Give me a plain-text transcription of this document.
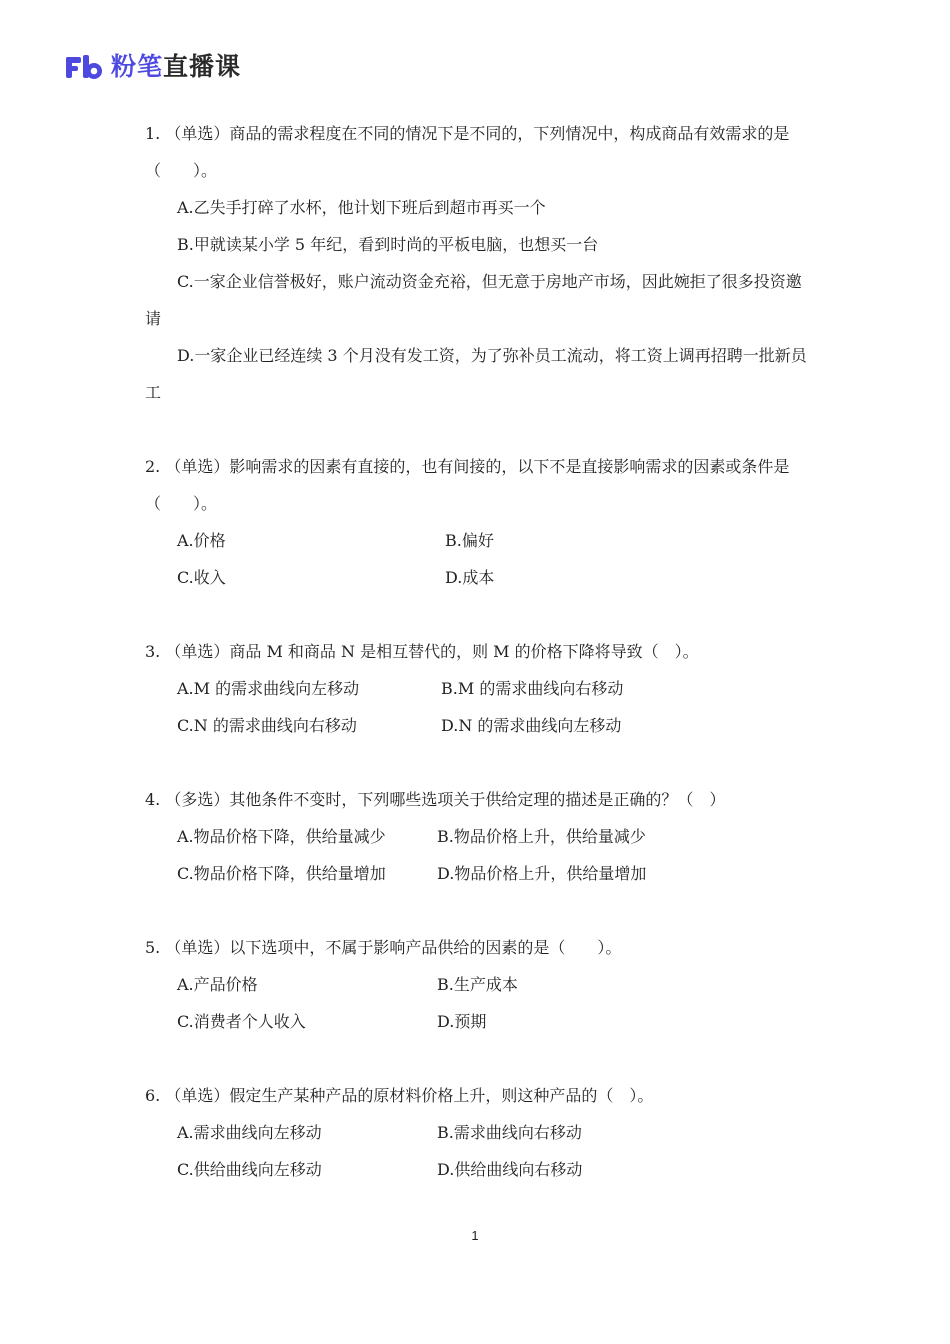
粉笔直播课

1. （单选）商品的需求程度在不同的情况下是不同的，下列情况中，构成商品有效需求的是（　　）。

A.乙失手打碎了水杯，他计划下班后到超市再买一个
B.甲就读某小学 5 年纪，看到时尚的平板电脑，也想买一台
C.一家企业信誉极好，账户流动资金充裕，但无意于房地产市场，因此婉拒了很多投资邀请
D.一家企业已经连续 3 个月没有发工资，为了弥补员工流动，将工资上调再招聘一批新员工

2. （单选）影响需求的因素有直接的，也有间接的，以下不是直接影响需求的因素或条件是（　　）。

A.价格	B.偏好
C.收入	D.成本

3. （单选）商品 M 和商品 N 是相互替代的，则 M 的价格下降将导致（　）。

A.M 的需求曲线向左移动	B.M 的需求曲线向右移动
C.N 的需求曲线向右移动	D.N 的需求曲线向左移动

4. （多选）其他条件不变时，下列哪些选项关于供给定理的描述是正确的？（　）

A.物品价格下降，供给量减少	B.物品价格上升，供给量减少
C.物品价格下降，供给量增加	D.物品价格上升，供给量增加

5. （单选）以下选项中，不属于影响产品供给的因素的是（　　）。

A.产品价格	B.生产成本
C.消费者个人收入	D.预期

6. （单选）假定生产某种产品的原材料价格上升，则这种产品的（　）。

A.需求曲线向左移动	B.需求曲线向右移动
C.供给曲线向左移动	D.供给曲线向右移动
1
